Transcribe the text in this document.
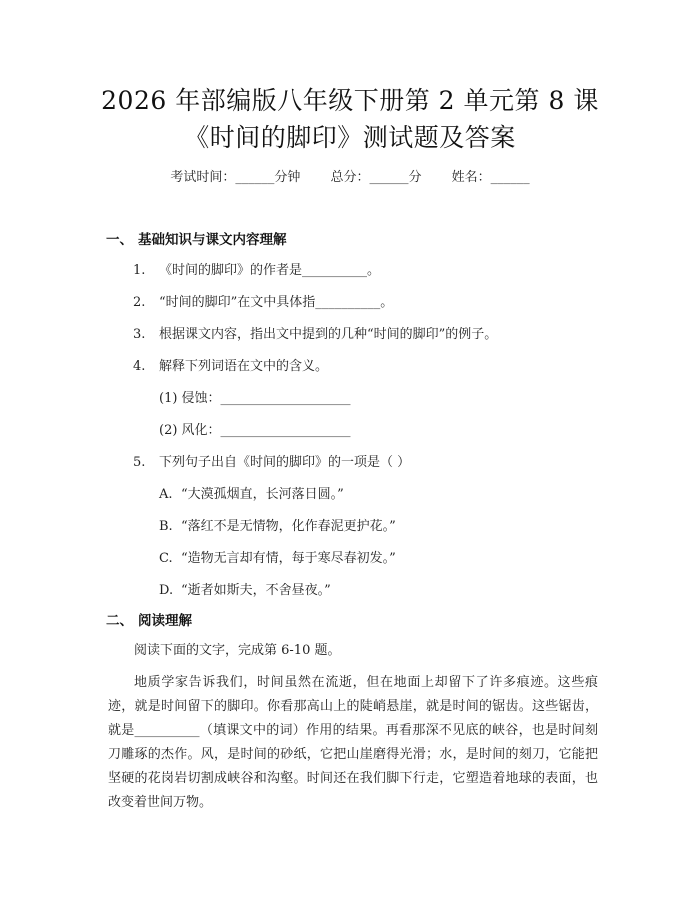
2026 年部编版八年级下册第 2 单元第 8 课
《时间的脚印》测试题及答案
考试时间：______分钟 总分：______分 姓名：______
一、 基础知识与课文内容理解
1. 《时间的脚印》的作者是__________。
2. “时间的脚印”在文中具体指__________。
3. 根据课文内容，指出文中提到的几种“时间的脚印”的例子。
4. 解释下列词语在文中的含义。
(1) 侵蚀：____________________
(2) 风化：____________________
5. 下列句子出自《时间的脚印》的一项是（ ）
A. “大漠孤烟直，长河落日圆。”
B. “落红不是无情物，化作春泥更护花。”
C. “造物无言却有情，每于寒尽春初发。”
D. “逝者如斯夫，不舍昼夜。”
二、 阅读理解
阅读下面的文字，完成第 6-10 题。
地质学家告诉我们，时间虽然在流逝，但在地面上却留下了许多痕迹。这些痕迹，就是时间留下的脚印。你看那高山上的陡峭悬崖，就是时间的锯齿。这些锯齿，就是__________（填课文中的词）作用的结果。再看那深不见底的峡谷，也是时间刻刀雕琢的杰作。风，是时间的砂纸，它把山崖磨得光滑；水，是时间的刻刀，它能把坚硬的花岗岩切割成峡谷和沟壑。时间还在我们脚下行走，它塑造着地球的表面，也改变着世间万物。
